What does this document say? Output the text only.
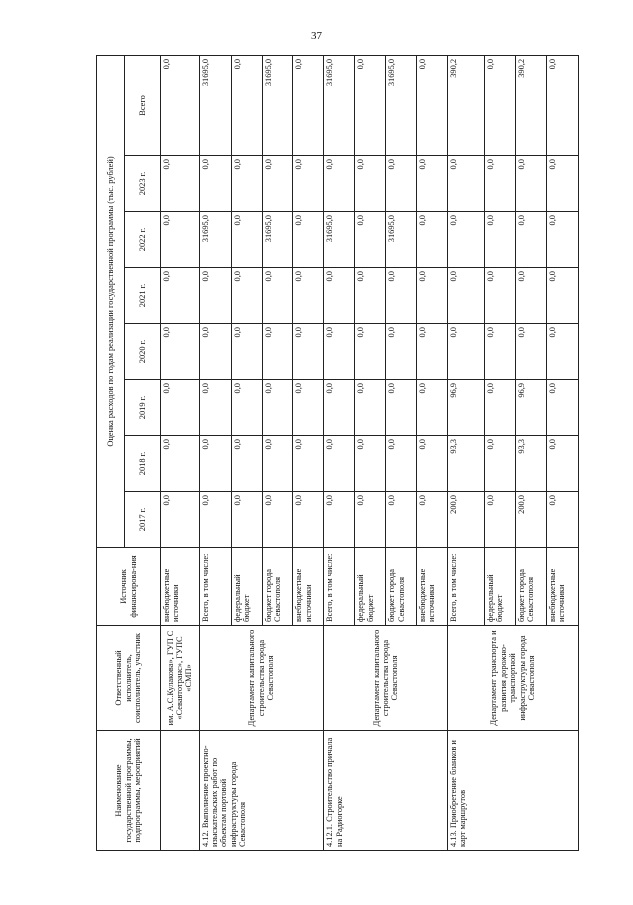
37
Наименование государственной программы, подпрограммы, мероприятий	Ответственный исполнитель, соисполнитель, участник	Источник финансирова-ния	Оценка расходов по годам реализации государственной программы (тыс. рублей)							
			2017 г.	2018 г.	2019 г.	2020 г.	2021 г.	2022 г.	2023 г.	Всего
	им. А.С.Кулакова», ГУП С «Севавтотранс», ГУПС «СМП»	внебюджетные источники	0,0	0,0	0,0	0,0	0,0	0,0	0,0	0,0
4.12. Выполнение проектно-изыскательских работ по объектам портовой инфраструктуры города Севастополя	Департамент капитального строительства города Севастополя	Всего, в том числе:	0,0	0,0	0,0	0,0	0,0	31695,0	0,0	31695,0
		федеральный бюджет	0,0	0,0	0,0	0,0	0,0	0,0	0,0	0,0
		бюджет города Севастополя	0,0	0,0	0,0	0,0	0,0	31695,0	0,0	31695,0
		внебюджетные источники	0,0	0,0	0,0	0,0	0,0	0,0	0,0	0,0
4.12.1. Строительство причала на Радиогорке	Департамент капитального строительства города Севастополя	Всего, в том числе:	0,0	0,0	0,0	0,0	0,0	31695,0	0,0	31695,0
		федеральный бюджет	0,0	0,0	0,0	0,0	0,0	0,0	0,0	0,0
		бюджет города Севастополя	0,0	0,0	0,0	0,0	0,0	31695,0	0,0	31695,0
		внебюджетные источники	0,0	0,0	0,0	0,0	0,0	0,0	0,0	0,0
4.13. Приобретение бланков и карт маршрутов	Департамент транспорта и развития дорожно-транспортной инфраструктуры города Севастополя	Всего, в том числе:	200,0	93,3	96,9	0,0	0,0	0,0	0,0	390,2
		федеральный бюджет	0,0	0,0	0,0	0,0	0,0	0,0	0,0	0,0
		бюджет города Севастополя	200,0	93,3	96,9	0,0	0,0	0,0	0,0	390,2
		внебюджетные источники	0,0	0,0	0,0	0,0	0,0	0,0	0,0	0,0
